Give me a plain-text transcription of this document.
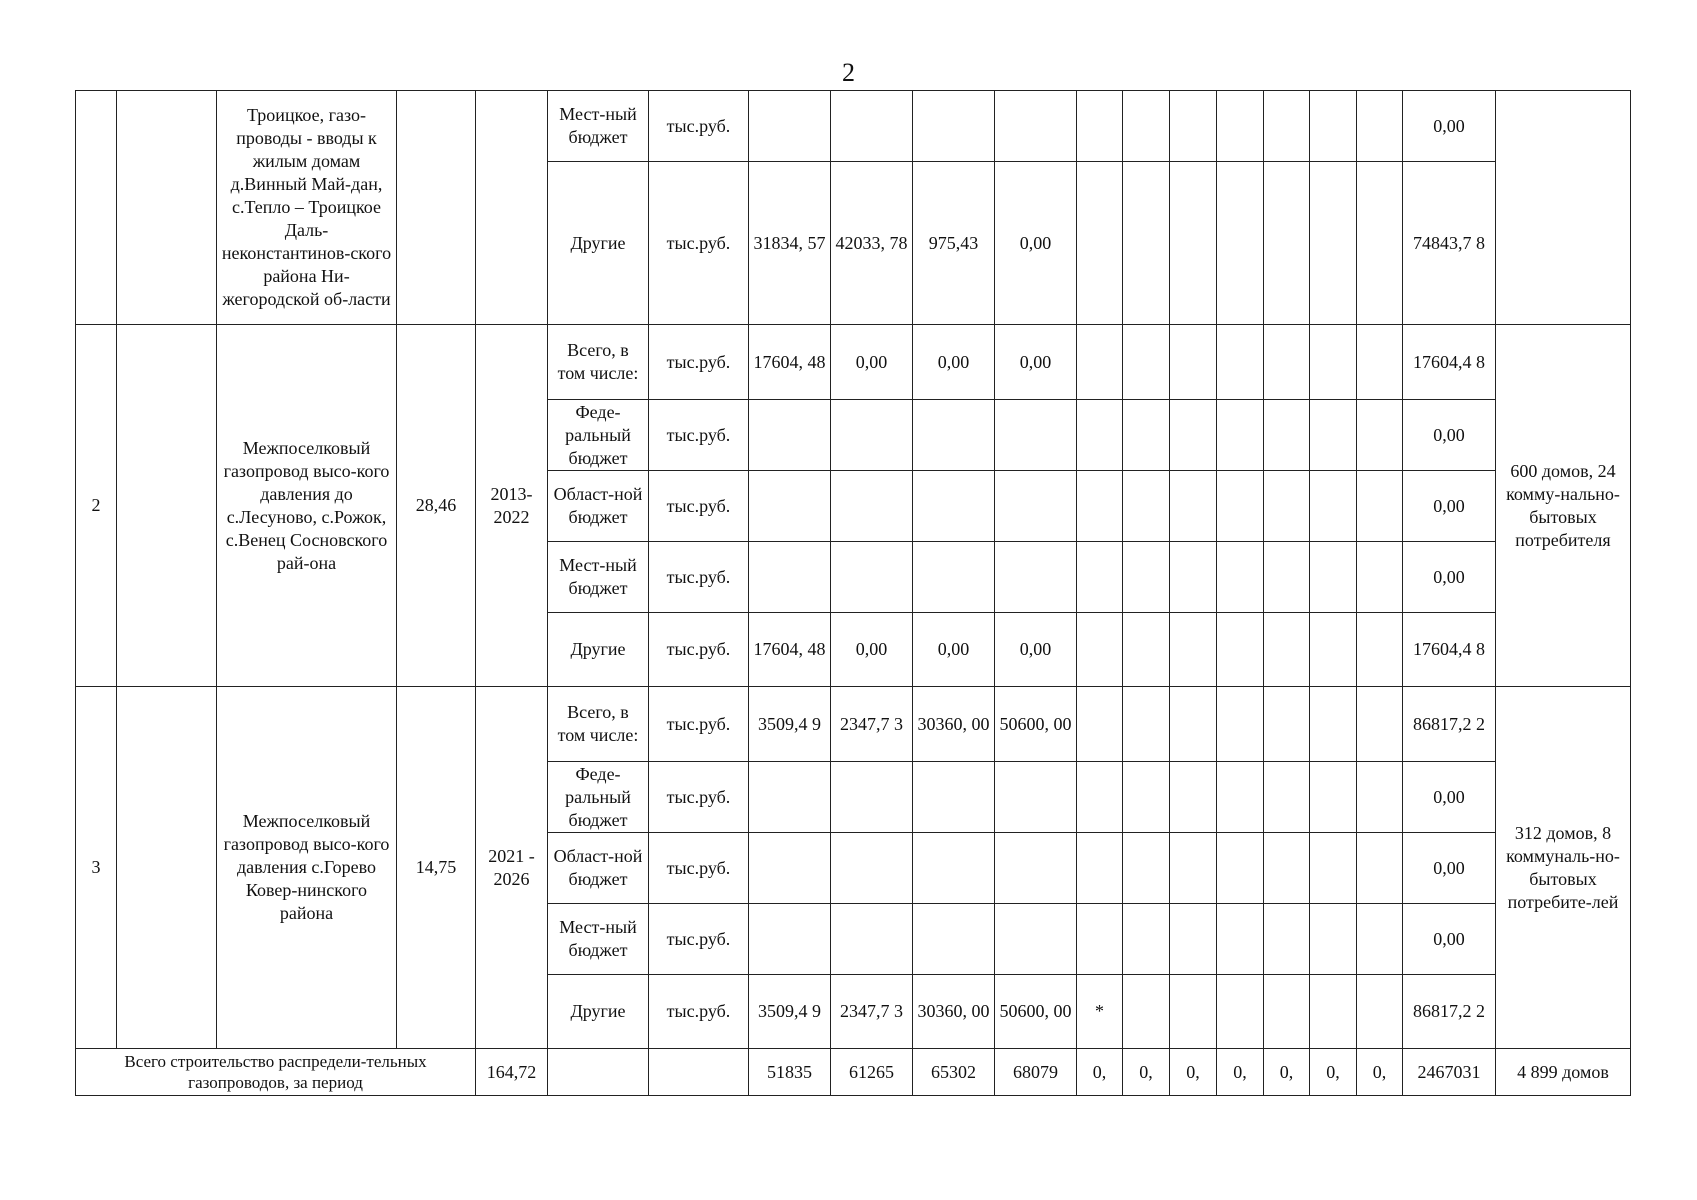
2
		Троицкое, газо-проводы - вводы к жилым домам д.Винный Май-дан, с.Тепло – Троицкое Даль-неконстантинов-ского района Ни-жегородской об-ласти			Мест-ный бюджет	тыс.руб.												0,00	
					Другие	тыс.руб.	31834, 57	42033, 78	975,43	0,00								74843,7 8	
2		Межпоселковый газопровод высо-кого давления до с.Лесуново, с.Рожок, с.Венец Сосновского рай-она	28,46	2013-2022	Всего, в том числе:	тыс.руб.	17604, 48	0,00	0,00	0,00								17604,4 8	600 домов, 24 комму-нально-бытовых потребителя
					Феде-ральный бюджет	тыс.руб.												0,00	
					Област-ной бюджет	тыс.руб.												0,00	
					Мест-ный бюджет	тыс.руб.												0,00	
					Другие	тыс.руб.	17604, 48	0,00	0,00	0,00								17604,4 8	
3		Межпоселковый газопровод высо-кого давления с.Горево Ковер-нинского района	14,75	2021 - 2026	Всего, в том числе:	тыс.руб.	3509,4 9	2347,7 3	30360, 00	50600, 00								86817,2 2	312 домов, 8 коммуналь-но-бытовых потребите-лей
					Феде-ральный бюджет	тыс.руб.												0,00	
					Област-ной бюджет	тыс.руб.												0,00	
					Мест-ный бюджет	тыс.руб.												0,00	
					Другие	тыс.руб.	3509,4 9	2347,7 3	30360, 00	50600, 00	*							86817,2 2	
Всего строительство распредели-тельных газопроводов, за период				164,72			51835	61265	65302	68079	0,	0,	0,	0,	0,	0,	0,	2467031	4 899 домов
